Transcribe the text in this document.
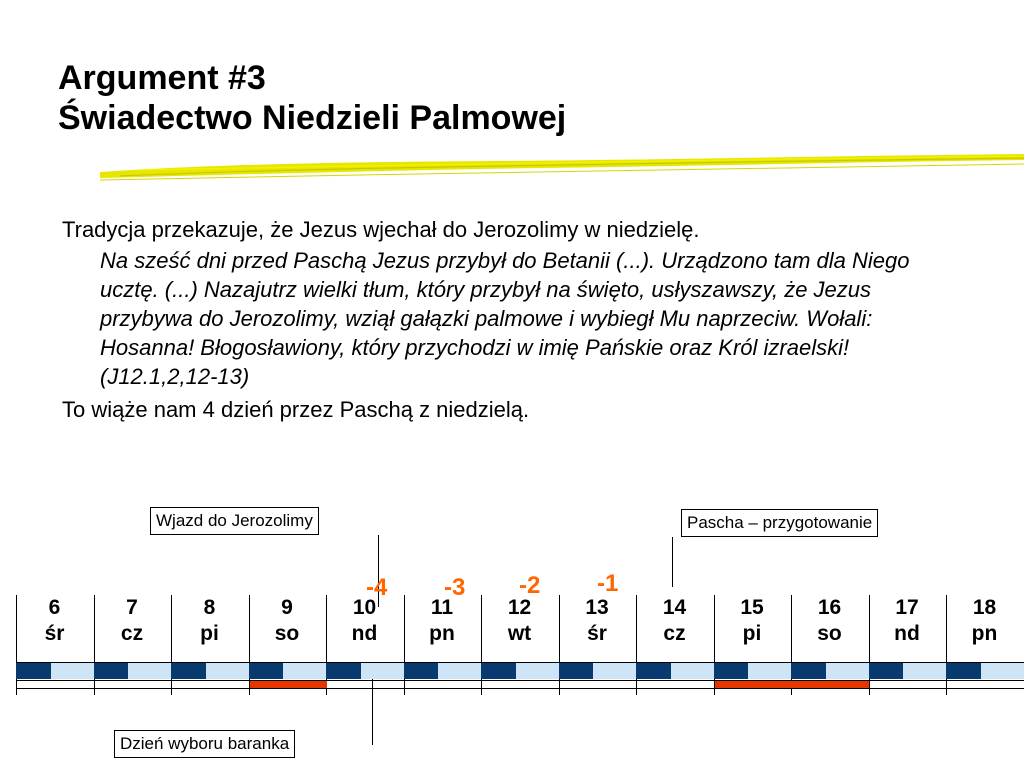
Argument #3
Świadectwo Niedzieli Palmowej

Tradycja przekazuje, że Jezus wjechał do Jerozolimy w niedzielę.

Na sześć dni przed Paschą Jezus przybył do Betanii (...). Urządzono tam dla Niego ucztę. (...) Nazajutrz wielki tłum, który przybył na święto, usłyszawszy, że Jezus przybywa do Jerozolimy, wziął gałązki palmowe i wybiegł Mu naprzeciw. Wołali: Hosanna! Błogosławiony, który przychodzi w imię Pańskie oraz Król izraelski! (J12.1,2,12-13)

To wiąże nam 4 dzień przez Paschą z niedzielą.

Wjazd do Jerozolimy	Pascha – przygotowanie
Dzień wyboru baranka
-4 -3 -2 -1
6
śr
7
cz
8
pi
9
so
10
nd
11
pn
12
wt
13
śr
14
cz
15
pi
16
so
17
nd
18
pn
